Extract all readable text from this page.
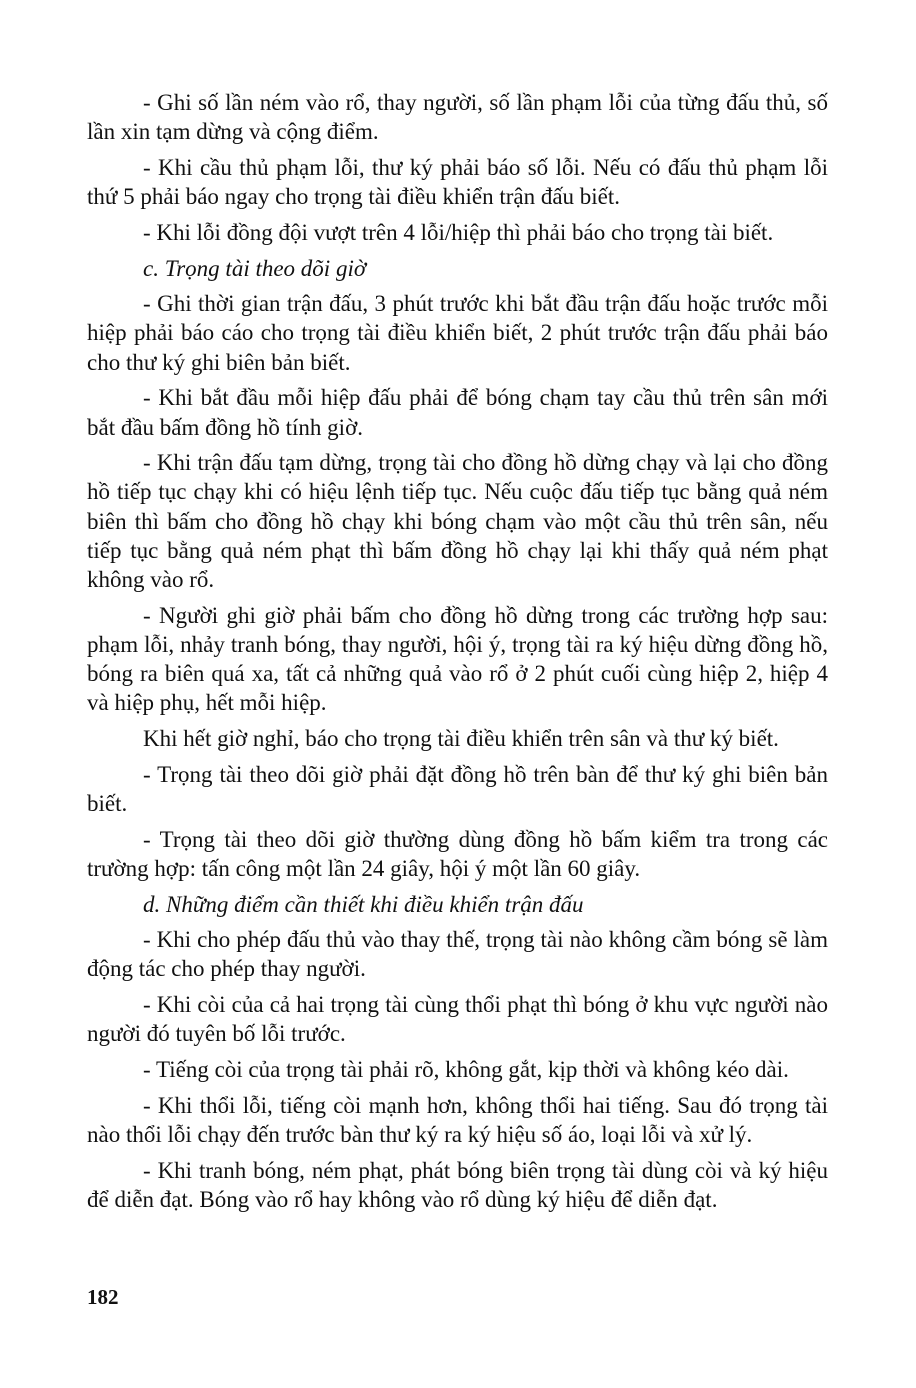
- Ghi số lần ném vào rổ, thay người, số lần phạm lỗi của từng đấu thủ, số lần xin tạm dừng và cộng điểm.

- Khi cầu thủ phạm lỗi, thư ký phải báo số lỗi. Nếu có đấu thủ phạm lỗi thứ 5 phải báo ngay cho trọng tài điều khiển trận đấu biết.

- Khi lỗi đồng đội vượt trên 4 lỗi/hiệp thì phải báo cho trọng tài biết.

c. Trọng tài theo dõi giờ

- Ghi thời gian trận đấu, 3 phút trước khi bắt đầu trận đấu hoặc trước mỗi hiệp phải báo cáo cho trọng tài điều khiển biết, 2 phút trước trận đấu phải báo cho thư ký ghi biên bản biết.

- Khi bắt đầu mỗi hiệp đấu phải để bóng chạm tay cầu thủ trên sân mới bắt đầu bấm đồng hồ tính giờ.

- Khi trận đấu tạm dừng, trọng tài cho đồng hồ dừng chạy và lại cho đồng hồ tiếp tục chạy khi có hiệu lệnh tiếp tục. Nếu cuộc đấu tiếp tục bằng quả ném biên thì bấm cho đồng hồ chạy khi bóng chạm vào một cầu thủ trên sân, nếu tiếp tục bằng quả ném phạt thì bấm đồng hồ chạy lại khi thấy quả ném phạt không vào rổ.

- Người ghi giờ phải bấm cho đồng hồ dừng trong các trường hợp sau: phạm lỗi, nhảy tranh bóng, thay người, hội ý, trọng tài ra ký hiệu dừng đồng hồ, bóng ra biên quá xa, tất cả những quả vào rổ ở 2 phút cuối cùng hiệp 2, hiệp 4 và hiệp phụ, hết mỗi hiệp.

Khi hết giờ nghỉ, báo cho trọng tài điều khiển trên sân và thư ký biết.

- Trọng tài theo dõi giờ phải đặt đồng hồ trên bàn để thư ký ghi biên bản biết.

- Trọng tài theo dõi giờ thường dùng đồng hồ bấm kiểm tra trong các trường hợp: tấn công một lần 24 giây, hội ý một lần 60 giây.

d. Những điểm cần thiết khi điều khiển trận đấu

- Khi cho phép đấu thủ vào thay thế, trọng tài nào không cầm bóng sẽ làm động tác cho phép thay người.

- Khi còi của cả hai trọng tài cùng thổi phạt thì bóng ở khu vực người nào người đó tuyên bố lỗi trước.

- Tiếng còi của trọng tài phải rõ, không gắt, kịp thời và không kéo dài.

- Khi thổi lỗi, tiếng còi mạnh hơn, không thổi hai tiếng. Sau đó trọng tài nào thổi lỗi chạy đến trước bàn thư ký ra ký hiệu số áo, loại lỗi và xử lý.

- Khi tranh bóng, ném phạt, phát bóng biên trọng tài dùng còi và ký hiệu để diễn đạt. Bóng vào rổ hay không vào rổ dùng ký hiệu để diễn đạt.

182
